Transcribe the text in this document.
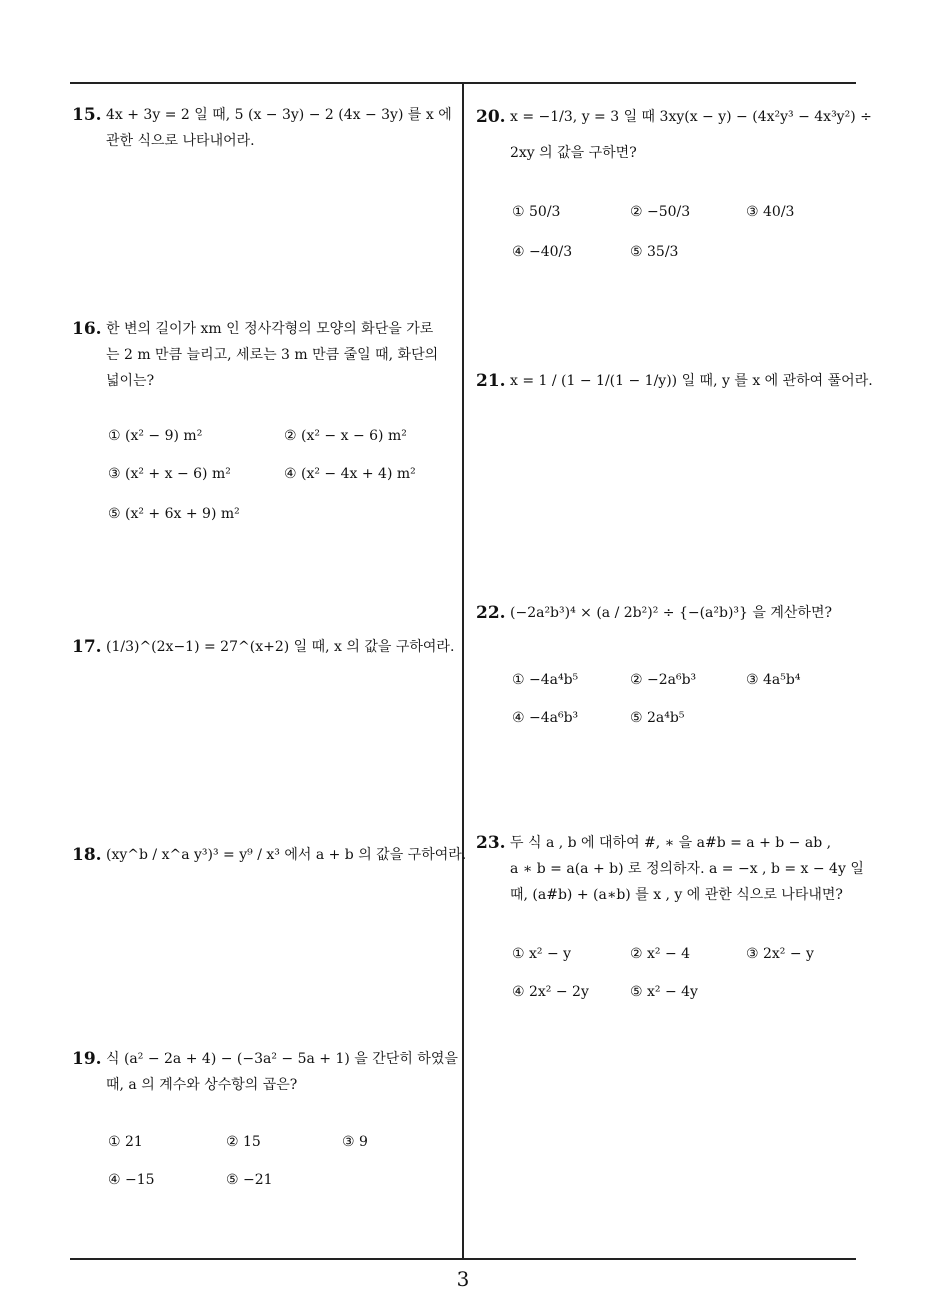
15. 4x + 3y = 2 일 때, 5 (x − 3y) − 2 (4x − 3y) 를 x 에
관한 식으로 나타내어라.
16. 한 변의 길이가 xm 인 정사각형의 모양의 화단을 가로
는 2 m 만큼 늘리고, 세로는 3 m 만큼 줄일 때, 화단의
넓이는?
① (x² − 9) m²	② (x² − x − 6) m²
③ (x² + x − 6) m²	④ (x² − 4x + 4) m²
⑤ (x² + 6x + 9) m²
17. (1/3)^(2x−1) = 27^(x+2) 일 때, x 의 값을 구하여라.
18. (xy^b / x^a y³)³ = y⁹ / x³ 에서 a + b 의 값을 구하여라.
19. 식 (a² − 2a + 4) − (−3a² − 5a + 1) 을 간단히 하였을
때, a 의 계수와 상수항의 곱은?
① 21	② 15	③ 9
④ −15	⑤ −21
20. x = −1/3, y = 3 일 때 3xy(x − y) − (4x²y³ − 4x³y²) ÷
2xy 의 값을 구하면?
① 50/3	② −50/3	③ 40/3
④ −40/3	⑤ 35/3
21. x = 1 / (1 − 1/(1 − 1/y)) 일 때, y 를 x 에 관하여 풀어라.
22. (−2a²b³)⁴ × (a / 2b²)² ÷ {−(a²b)³} 을 계산하면?
① −4a⁴b⁵	② −2a⁶b³	③ 4a⁵b⁴
④ −4a⁶b³	⑤ 2a⁴b⁵
23. 두 식 a , b 에 대하여 #, ∗ 을 a#b = a + b − ab ,
a ∗ b = a(a + b) 로 정의하자. a = −x , b = x − 4y 일
때, (a#b) + (a∗b) 를 x , y 에 관한 식으로 나타내면?
① x² − y	② x² − 4	③ 2x² − y
④ 2x² − 2y	⑤ x² − 4y
3
